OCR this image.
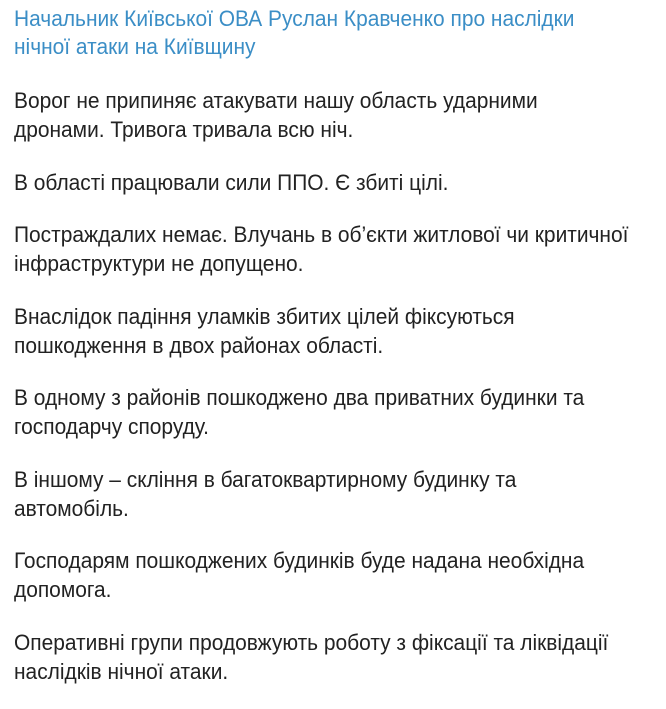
Начальник Київської ОВА Руслан Кравченко про наслідки
нічної атаки на Київщину

Ворог не припиняє атакувати нашу область ударними
дронами. Тривога тривала всю ніч.

В області працювали сили ППО. Є збиті цілі.

Постраждалих немає. Влучань в об’єкти житлової чи критичної
інфраструктури не допущено.

Внаслідок падіння уламків збитих цілей фіксуються
пошкодження в двох районах області.

В одному з районів пошкоджено два приватних будинки та
господарчу споруду.

В іншому – скління в багатоквартирному будинку та
автомобіль.

Господарям пошкоджених будинків буде надана необхідна
допомога.

Оперативні групи продовжують роботу з фіксації та ліквідації
наслідків нічної атаки.
